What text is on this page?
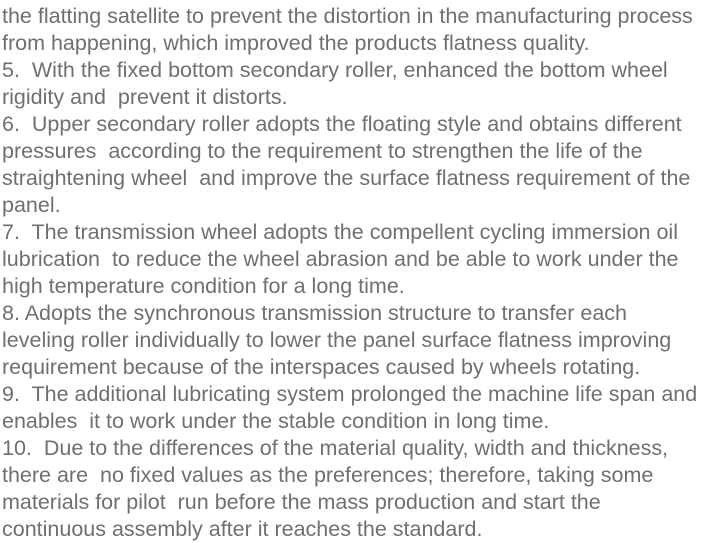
the flatting satellite to prevent the distortion in the manufacturing process
from happening, which improved the products flatness quality.
5.  With the fixed bottom secondary roller, enhanced the bottom wheel
rigidity and  prevent it distorts.
6.  Upper secondary roller adopts the floating style and obtains different
pressures  according to the requirement to strengthen the life of the
straightening wheel  and improve the surface flatness requirement of the
panel.
7.  The transmission wheel adopts the compellent cycling immersion oil
lubrication  to reduce the wheel abrasion and be able to work under the
high temperature condition for a long time.
8. Adopts the synchronous transmission structure to transfer each
leveling roller individually to lower the panel surface flatness improving
requirement because of the interspaces caused by wheels rotating.
9.  The additional lubricating system prolonged the machine life span and
enables  it to work under the stable condition in long time.
10.  Due to the differences of the material quality, width and thickness,
there are  no fixed values as the preferences; therefore, taking some
materials for pilot  run before the mass production and start the
continuous assembly after it reaches the standard.
